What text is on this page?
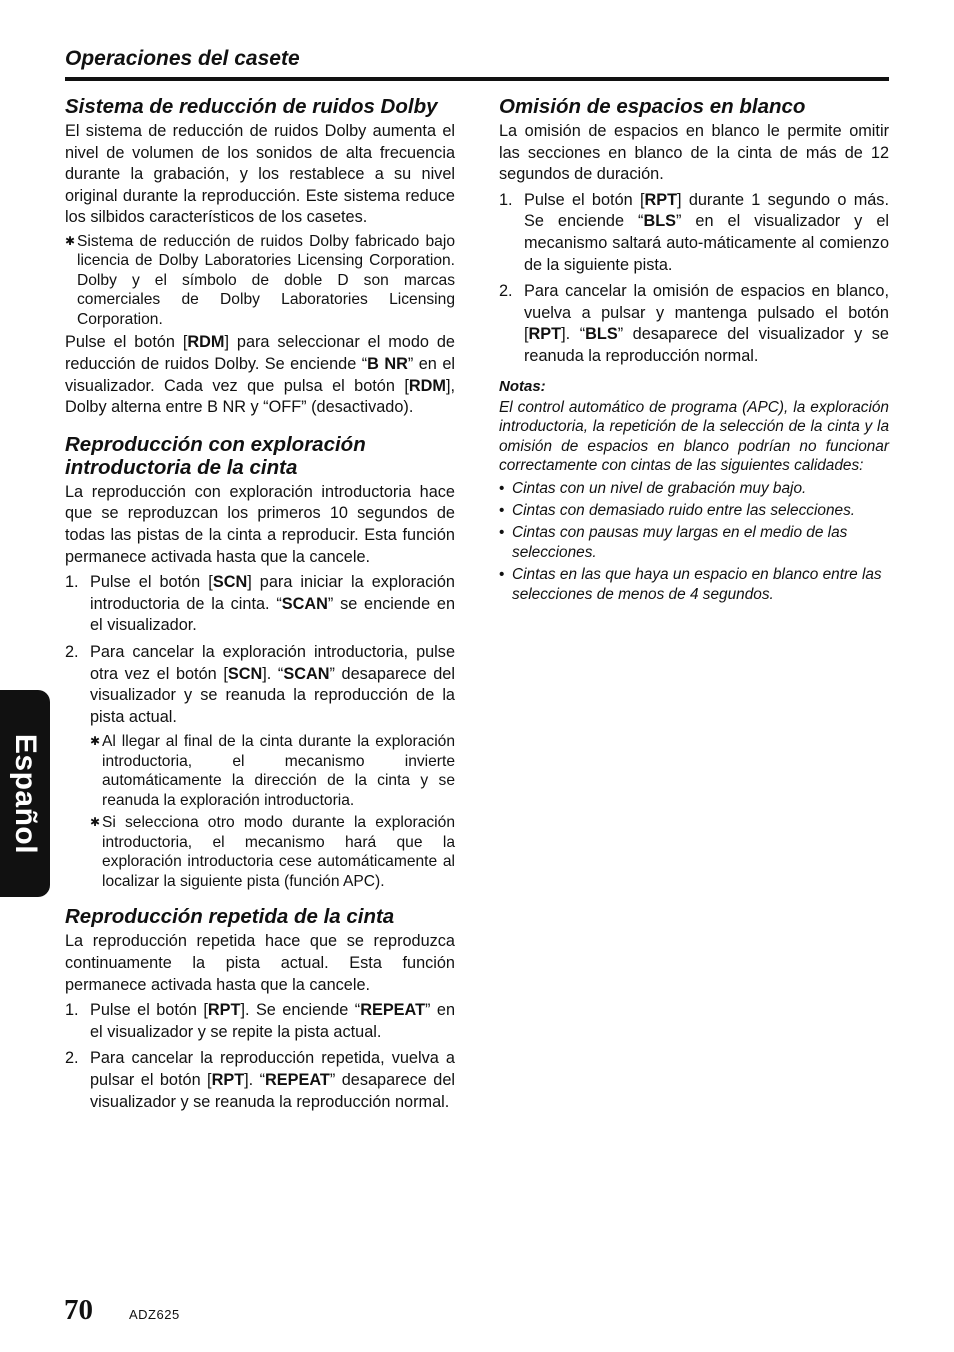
Operaciones del casete
Español
Sistema de reducción de ruidos Dolby

El sistema de reducción de ruidos Dolby aumenta el nivel de volumen de los sonidos de alta frecuencia durante la grabación, y los restablece a su nivel original durante la reproducción. Este sistema reduce los silbidos característicos de los casetes.

✱ Sistema de reducción de ruidos Dolby fabricado bajo licencia de Dolby Laboratories Licensing Corporation. Dolby y el símbolo de doble D son marcas comerciales de Dolby Laboratories Licensing Corporation.

Pulse el botón [RDM] para seleccionar el modo de reducción de ruidos Dolby. Se enciende “B NR” en el visualizador. Cada vez que pulsa el botón [RDM], Dolby alterna entre B NR y “OFF” (desactivado).

Reproducción con exploración introductoria de la cinta

La reproducción con exploración introductoria hace que se reproduzcan los primeros 10 segundos de todas las pistas de la cinta a reproducir. Esta función permanece activada hasta que la cancele.

1. Pulse el botón [SCN] para iniciar la exploración introductoria de la cinta. “SCAN” se enciende en el visualizador.
2. Para cancelar la exploración introductoria, pulse otra vez el botón [SCN]. “SCAN” desaparece del visualizador y se reanuda la reproducción de la pista actual.
✱ Al llegar al final de la cinta durante la exploración introductoria, el mecanismo invierte automáticamente la dirección de la cinta y se reanuda la exploración introductoria.
✱ Si selecciona otro modo durante la exploración introductoria, el mecanismo hará que la exploración introductoria cese automáticamente al localizar la siguiente pista (función APC).
Reproducción repetida de la cinta

La reproducción repetida hace que se reproduzca continuamente la pista actual. Esta función permanece activada hasta que la cancele.

1. Pulse el botón [RPT]. Se enciende “REPEAT” en el visualizador y se repite la pista actual.
2. Para cancelar la reproducción repetida, vuelva a pulsar el botón [RPT]. “REPEAT” desaparece del visualizador y se reanuda la reproducción normal.
Omisión de espacios en blanco

La omisión de espacios en blanco le permite omitir las secciones en blanco de la cinta de más de 12 segundos de duración.

1. Pulse el botón [RPT] durante 1 segundo o más. Se enciende “BLS” en el visualizador y el mecanismo saltará auto-máticamente al comienzo de la siguiente pista.
2. Para cancelar la omisión de espacios en blanco, vuelva a pulsar y mantenga pulsado el botón [RPT]. “BLS” desaparece del visualizador y se reanuda la reproducción normal.
Notas:
El control automático de programa (APC), la exploración introductoria, la repetición de la selección de la cinta y la omisión de espacios en blanco podrían no funcionar correctamente con cintas de las siguientes calidades:
• Cintas con un nivel de grabación muy bajo.
• Cintas con demasiado ruido entre las selecciones.
• Cintas con pausas muy largas en el medio de las selecciones.
• Cintas en las que haya un espacio en blanco entre las selecciones de menos de 4 segundos.
70	ADZ625
